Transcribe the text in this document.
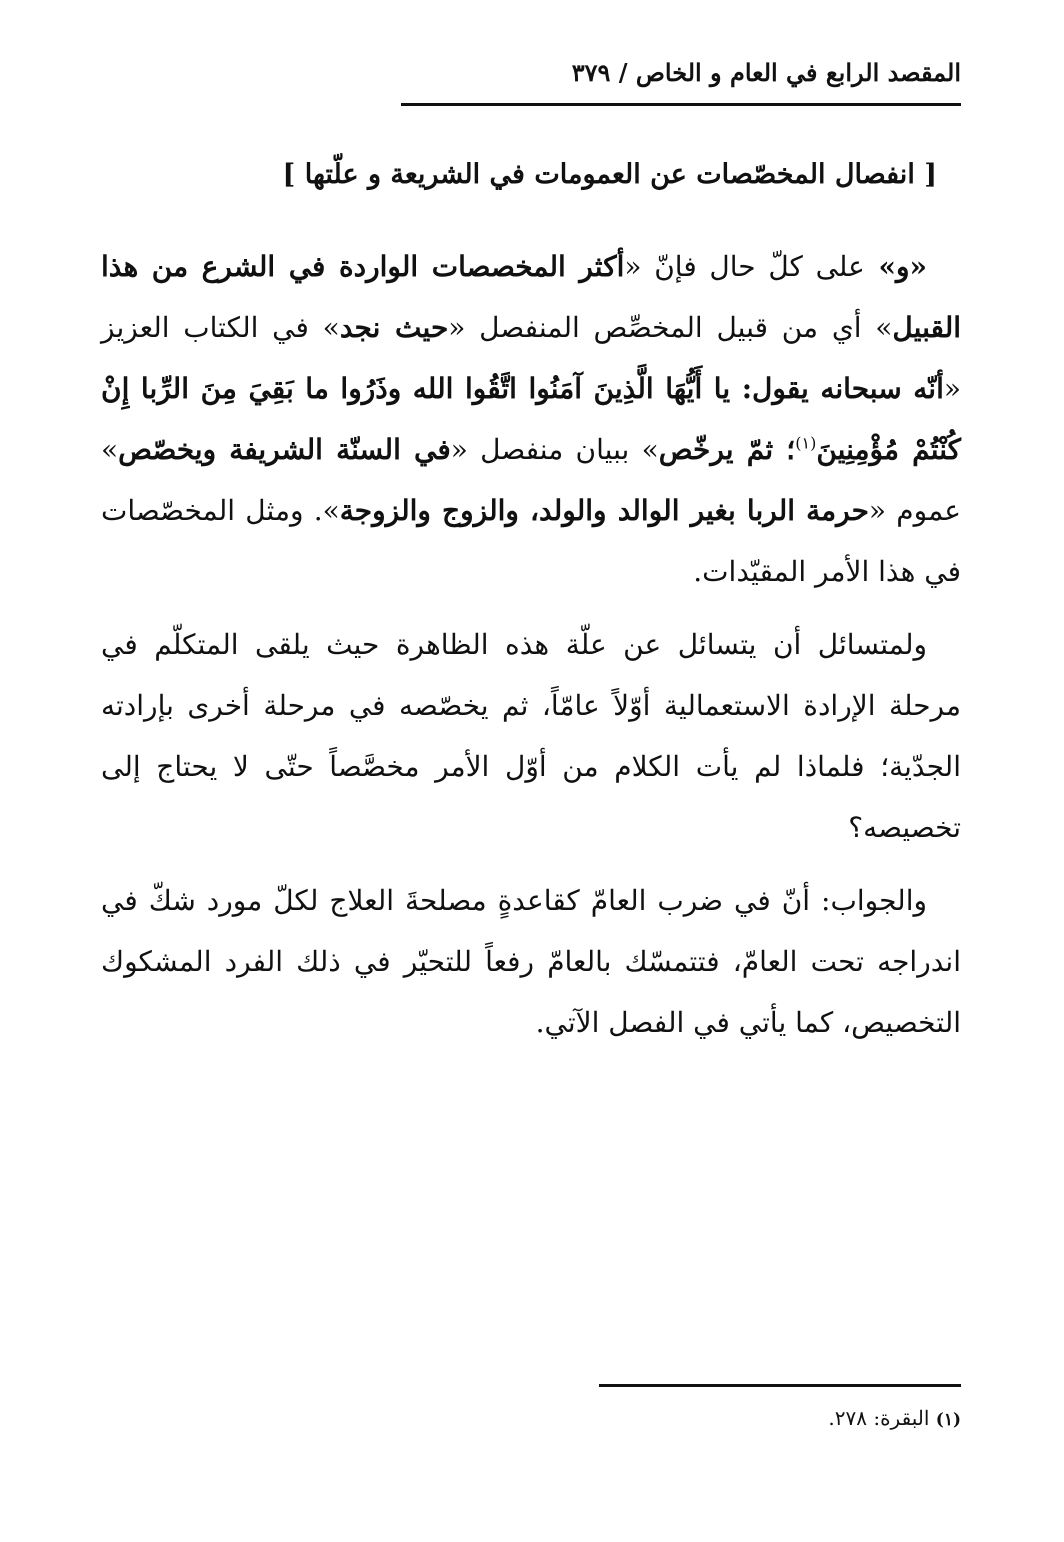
المقصد الرابع في العام و الخاص / ٣٧٩
[ انفصال المخصّصات عن العمومات في الشريعة و علّتها ]

«و» على كلّ حال فإنّ «أكثر المخصصات الواردة في الشرع من هذا القبيل» أي من قبيل المخصِّص المنفصل «حيث نجد» في الكتاب العزيز «أنّه سبحانه يقول: يا أَيُّهَا الَّذِينَ آمَنُوا اتَّقُوا الله وذَرُوا ما بَقِيَ مِنَ الرِّبا إِنْ كُنْتُمْ مُؤْمِنِينَ$^{(١)}$؛ ثمّ يرخّص» ببيان منفصل «في السنّة الشريفة ويخصّص» عموم «حرمة الربا بغير الوالد والولد، والزوج والزوجة». ومثل المخصّصات في هذا الأمر المقيّدات.

ولمتسائل أن يتسائل عن علّة هذه الظاهرة حيث يلقى المتكلّم في مرحلة الإرادة الاستعمالية أوّلاً عامّاً، ثم يخصّصه في مرحلة أخرى بإرادته الجدّية؛ فلماذا لم يأت الكلام من أوّل الأمر مخصَّصاً حتّى لا يحتاج إلى تخصيصه؟

والجواب: أنّ في ضرب العامّ كقاعدةٍ مصلحةَ العلاج لكلّ مورد شكّ في اندراجه تحت العامّ، فتتمسّك بالعامّ رفعاً للتحيّر في ذلك الفرد المشكوك التخصيص، كما يأتي في الفصل الآتي.

(١) البقرة: ٢٧٨.
